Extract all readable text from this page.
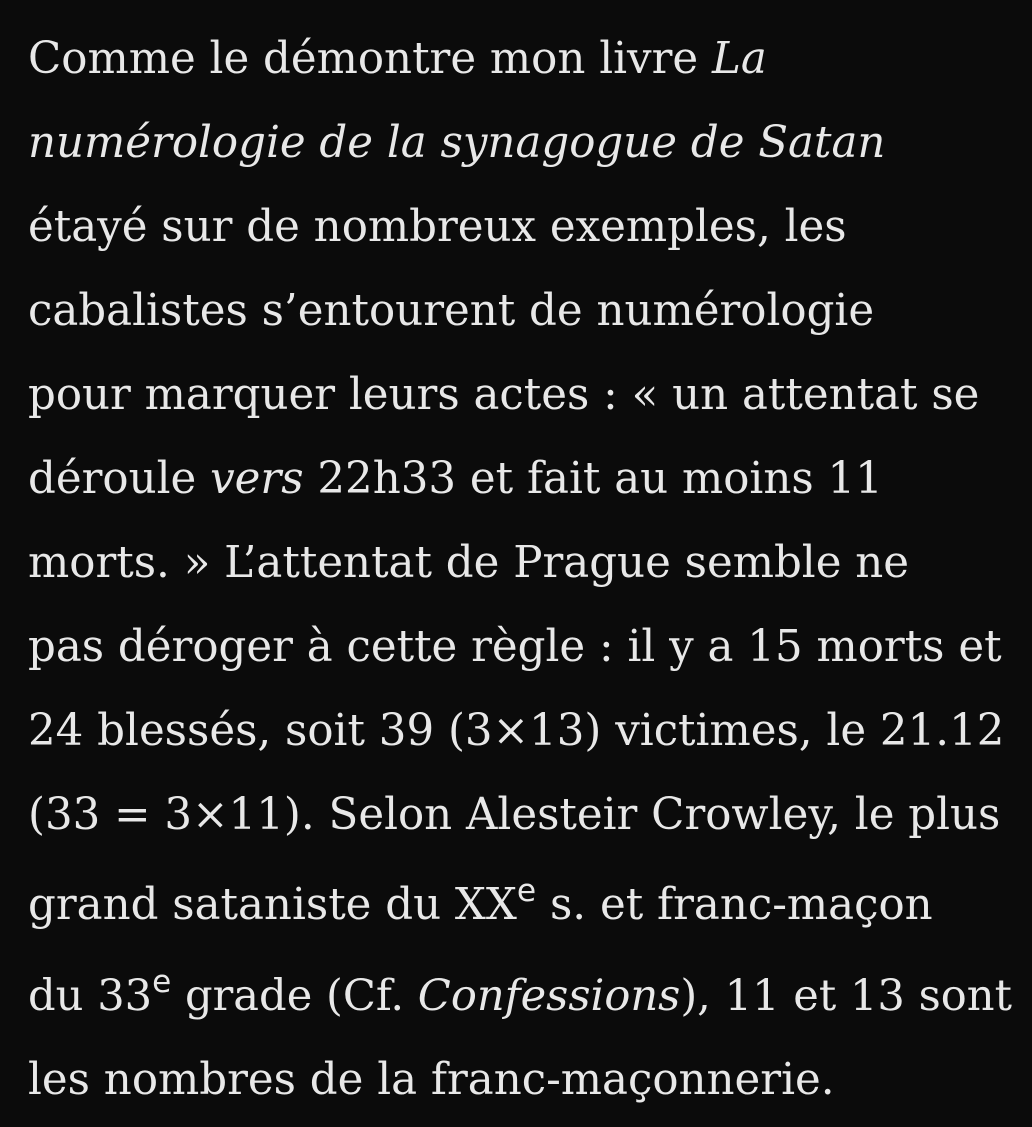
Comme le démontre mon livre La
numérologie de la synagogue de Satan
étayé sur de nombreux exemples, les
cabalistes s’entourent de numérologie
pour marquer leurs actes : « un attentat se
déroule vers 22h33 et fait au moins 11
morts. » L’attentat de Prague semble ne
pas déroger à cette règle : il y a 15 morts et
24 blessés, soit 39 (3×13) victimes, le 21.12
(33 = 3×11). Selon Alesteir Crowley, le plus
grand sataniste du XXe s. et franc-maçon
du 33e grade (Cf. Confessions), 11 et 13 sont
les nombres de la franc-maçonnerie.
